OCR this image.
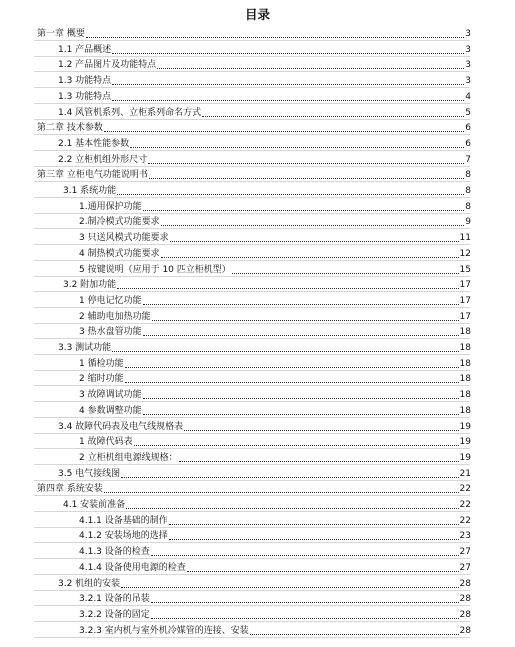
目录
第一章 概要	3
1.1 产品概述	3
1.2 产品图片及功能特点	3
1.3 功能特点	3
1.3 功能特点	4
1.4 风管机系列、立柜系列命名方式	5
第二章 技术参数	6
2.1 基本性能参数	6
2.2 立柜机组外形尺寸	7
第三章 立柜电气功能说明书	8
3.1 系统功能	8
1.通用保护功能	8
2.制冷模式功能要求	9
3 只送风模式功能要求	11
4 制热模式功能要求	12
5 按键说明（应用于 10 匹立柜机型）	15
3.2 附加功能	17
1 停电记忆功能	17
2 辅助电加热功能	17
3 热水盘管功能	18
3.3 测试功能	18
1 循检功能	18
2 缩时功能	18
3 故障调试功能	18
4 参数调整功能	18
3.4 故障代码表及电气线规格表	19
1 故障代码表	19
2 立柜机组电源线规格：	19
3.5 电气接线图	21
第四章 系统安装	22
4.1 安装前准备	22
4.1.1 设备基础的制作	22
4.1.2 安装场地的选择	23
4.1.3 设备的检查	27
4.1.4 设备使用电源的检查	27
3.2 机组的安装	28
3.2.1 设备的吊装	28
3.2.2 设备的固定	28
3.2.3 室内机与室外机冷媒管的连接、安装	28
